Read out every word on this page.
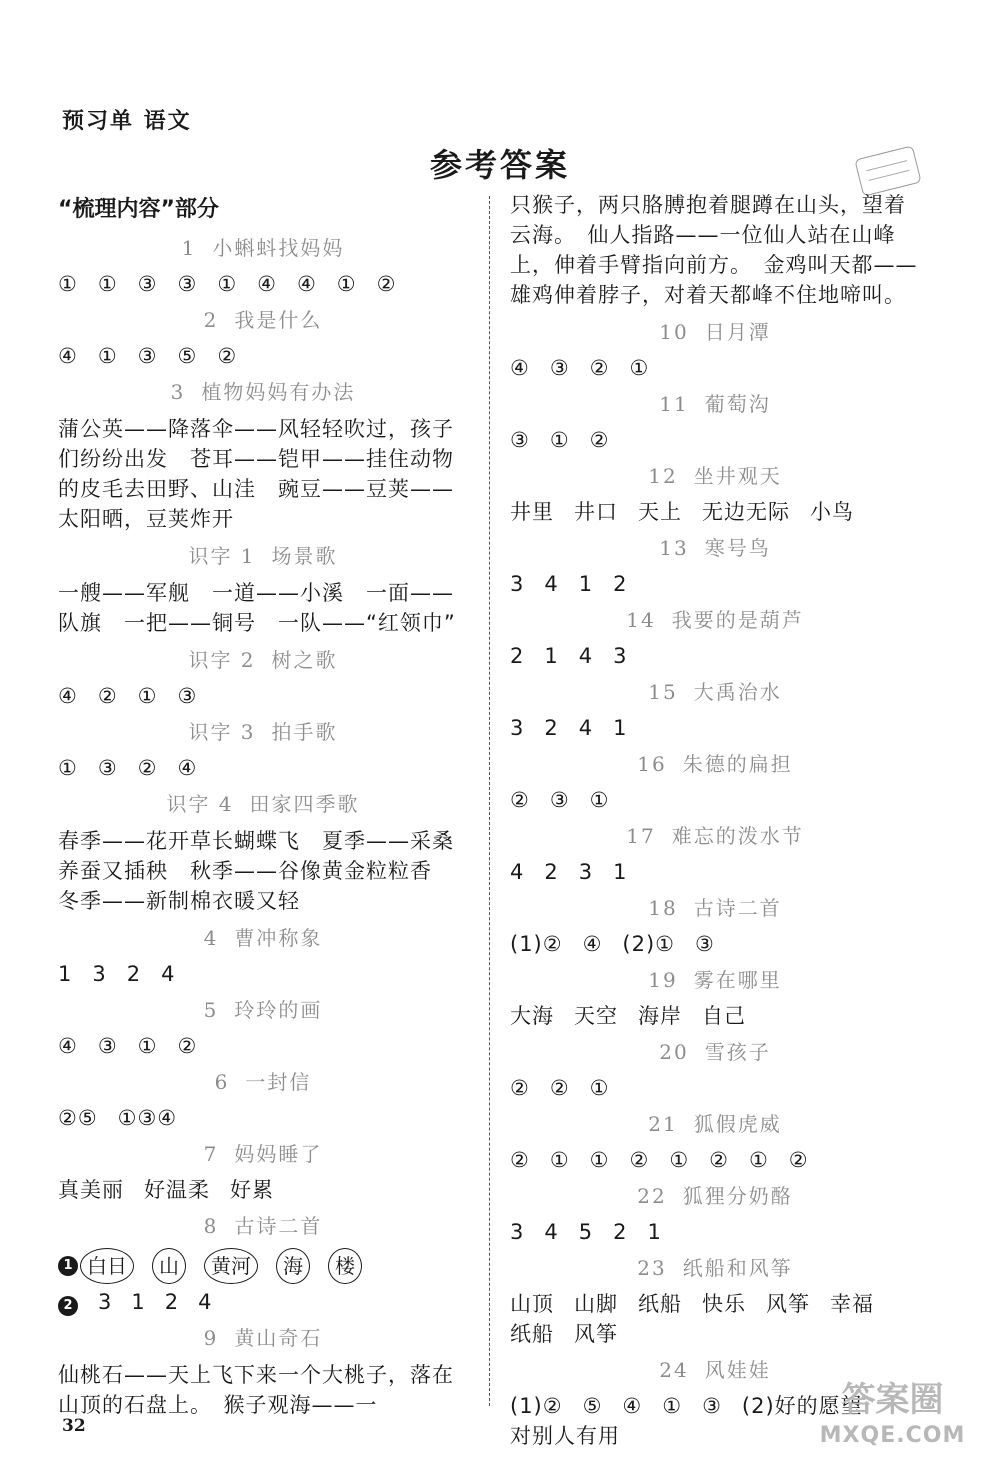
预习单 语文
参考答案
“梳理内容”部分
1 小蝌蚪找妈妈
① ① ③ ③ ① ④ ④ ① ②
2 我是什么
④ ① ③ ⑤ ②
3 植物妈妈有办法
蒲公英——降落伞——风轻轻吹过，孩子们纷纷出发　苍耳——铠甲——挂住动物的皮毛去田野、山洼　豌豆——豆荚——太阳晒，豆荚炸开
识字 1 场景歌
一艘——军舰　一道——小溪　一面——队旗　一把——铜号　一队——“红领巾”
识字 2 树之歌
④ ② ① ③
识字 3 拍手歌
① ③ ② ④
识字 4 田家四季歌
春季——花开草长蝴蝶飞　夏季——采桑养蚕又插秧　秋季——谷像黄金粒粒香　冬季——新制棉衣暖又轻
4 曹冲称象
1 3 2 4
5 玲玲的画
④ ③ ① ②
6 一封信
②⑤ ①③④
7 妈妈睡了
真美丽 好温柔 好累
8 古诗二首
1 白日 山 黄河 海 楼
2 3 1 2 4
9 黄山奇石
仙桃石——天上飞下来一个大桃子，落在山顶的石盘上。　猴子观海——一
只猴子，两只胳膊抱着腿蹲在山头，望着云海。　仙人指路——一位仙人站在山峰上，伸着手臂指向前方。　金鸡叫天都——雄鸡伸着脖子，对着天都峰不住地啼叫。
10 日月潭
④ ③ ② ①
11 葡萄沟
③ ① ②
12 坐井观天
井里 井口 天上 无边无际 小鸟
13 寒号鸟
3 4 1 2
14 我要的是葫芦
2 1 4 3
15 大禹治水
3 2 4 1
16 朱德的扁担
② ③ ①
17 难忘的泼水节
4 2 3 1
18 古诗二首
(1)② ④ (2)① ③
19 雾在哪里
大海 天空 海岸 自己
20 雪孩子
② ② ①
21 狐假虎威
② ① ① ② ① ② ① ②
22 狐狸分奶酪
3 4 5 2 1
23 纸船和风筝
山顶 山脚 纸船 快乐 风筝 幸福
纸船 风筝
24 风娃娃
(1)② ⑤ ④ ① ③ (2)好的愿望
对别人有用
32
答案圈
MXQE.COM
